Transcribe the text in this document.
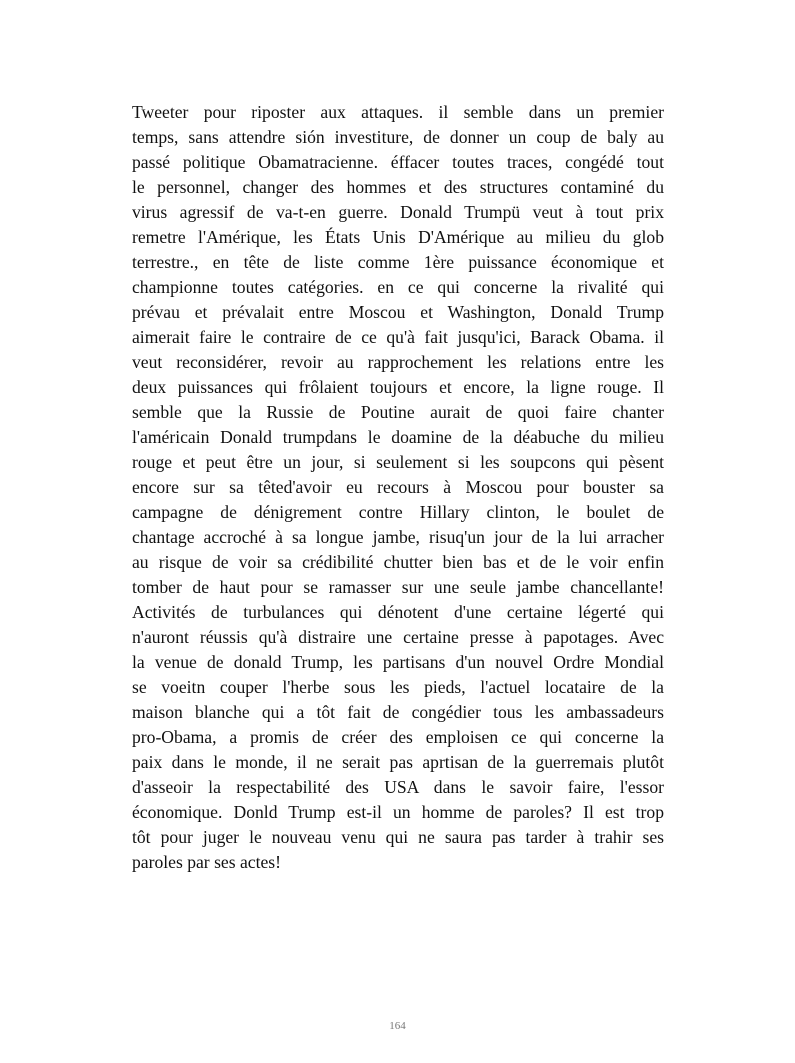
Tweeter pour riposter aux attaques. il semble dans un premier
temps, sans attendre sión investiture, de donner un coup de baly au
passé politique Obamatracienne. éffacer toutes traces, congédé tout
le personnel, changer des hommes et des structures contaminé du
virus agressif de va-t-en guerre. Donald Trumpü veut à tout prix
remetre l'Amérique, les États Unis D'Amérique au milieu du glob
terrestre., en tête de liste comme 1ère puissance économique et
championne toutes catégories. en ce qui concerne la rivalité qui
prévau et prévalait entre Moscou et Washington, Donald Trump
aimerait faire le contraire de ce qu'à fait jusqu'ici, Barack Obama. il
veut reconsidérer, revoir au rapprochement les relations entre les
deux puissances qui frôlaient toujours et encore, la ligne rouge. Il
semble que la Russie de Poutine aurait de quoi faire chanter
l'américain Donald trumpdans le doamine de la déabuche du milieu
rouge et peut être un jour, si seulement si les soupcons qui pèsent
encore sur sa têted'avoir eu recours à Moscou pour bouster sa
campagne de dénigrement contre Hillary clinton, le boulet de
chantage accroché à sa longue jambe, risuq'un jour de la lui arracher
au risque de voir sa crédibilité chutter bien bas et de le voir enfin
tomber de haut pour se ramasser sur une seule jambe chancellante!
Activités de turbulances qui dénotent d'une certaine légerté qui
n'auront réussis qu'à distraire une certaine presse à papotages. Avec
la venue de donald Trump, les partisans d'un nouvel Ordre Mondial
se voeitn couper l'herbe sous les pieds, l'actuel locataire de la
maison blanche qui a tôt fait de congédier tous les ambassadeurs
pro-Obama, a promis de créer des emploisen ce qui concerne la
paix dans le monde, il ne serait pas aprtisan de la guerremais plutôt
d'asseoir la respectabilité des USA dans le savoir faire, l'essor
économique. Donld Trump est-il un homme de paroles? Il est trop
tôt pour juger le nouveau venu qui ne saura pas tarder à trahir ses
paroles par ses actes!
164
